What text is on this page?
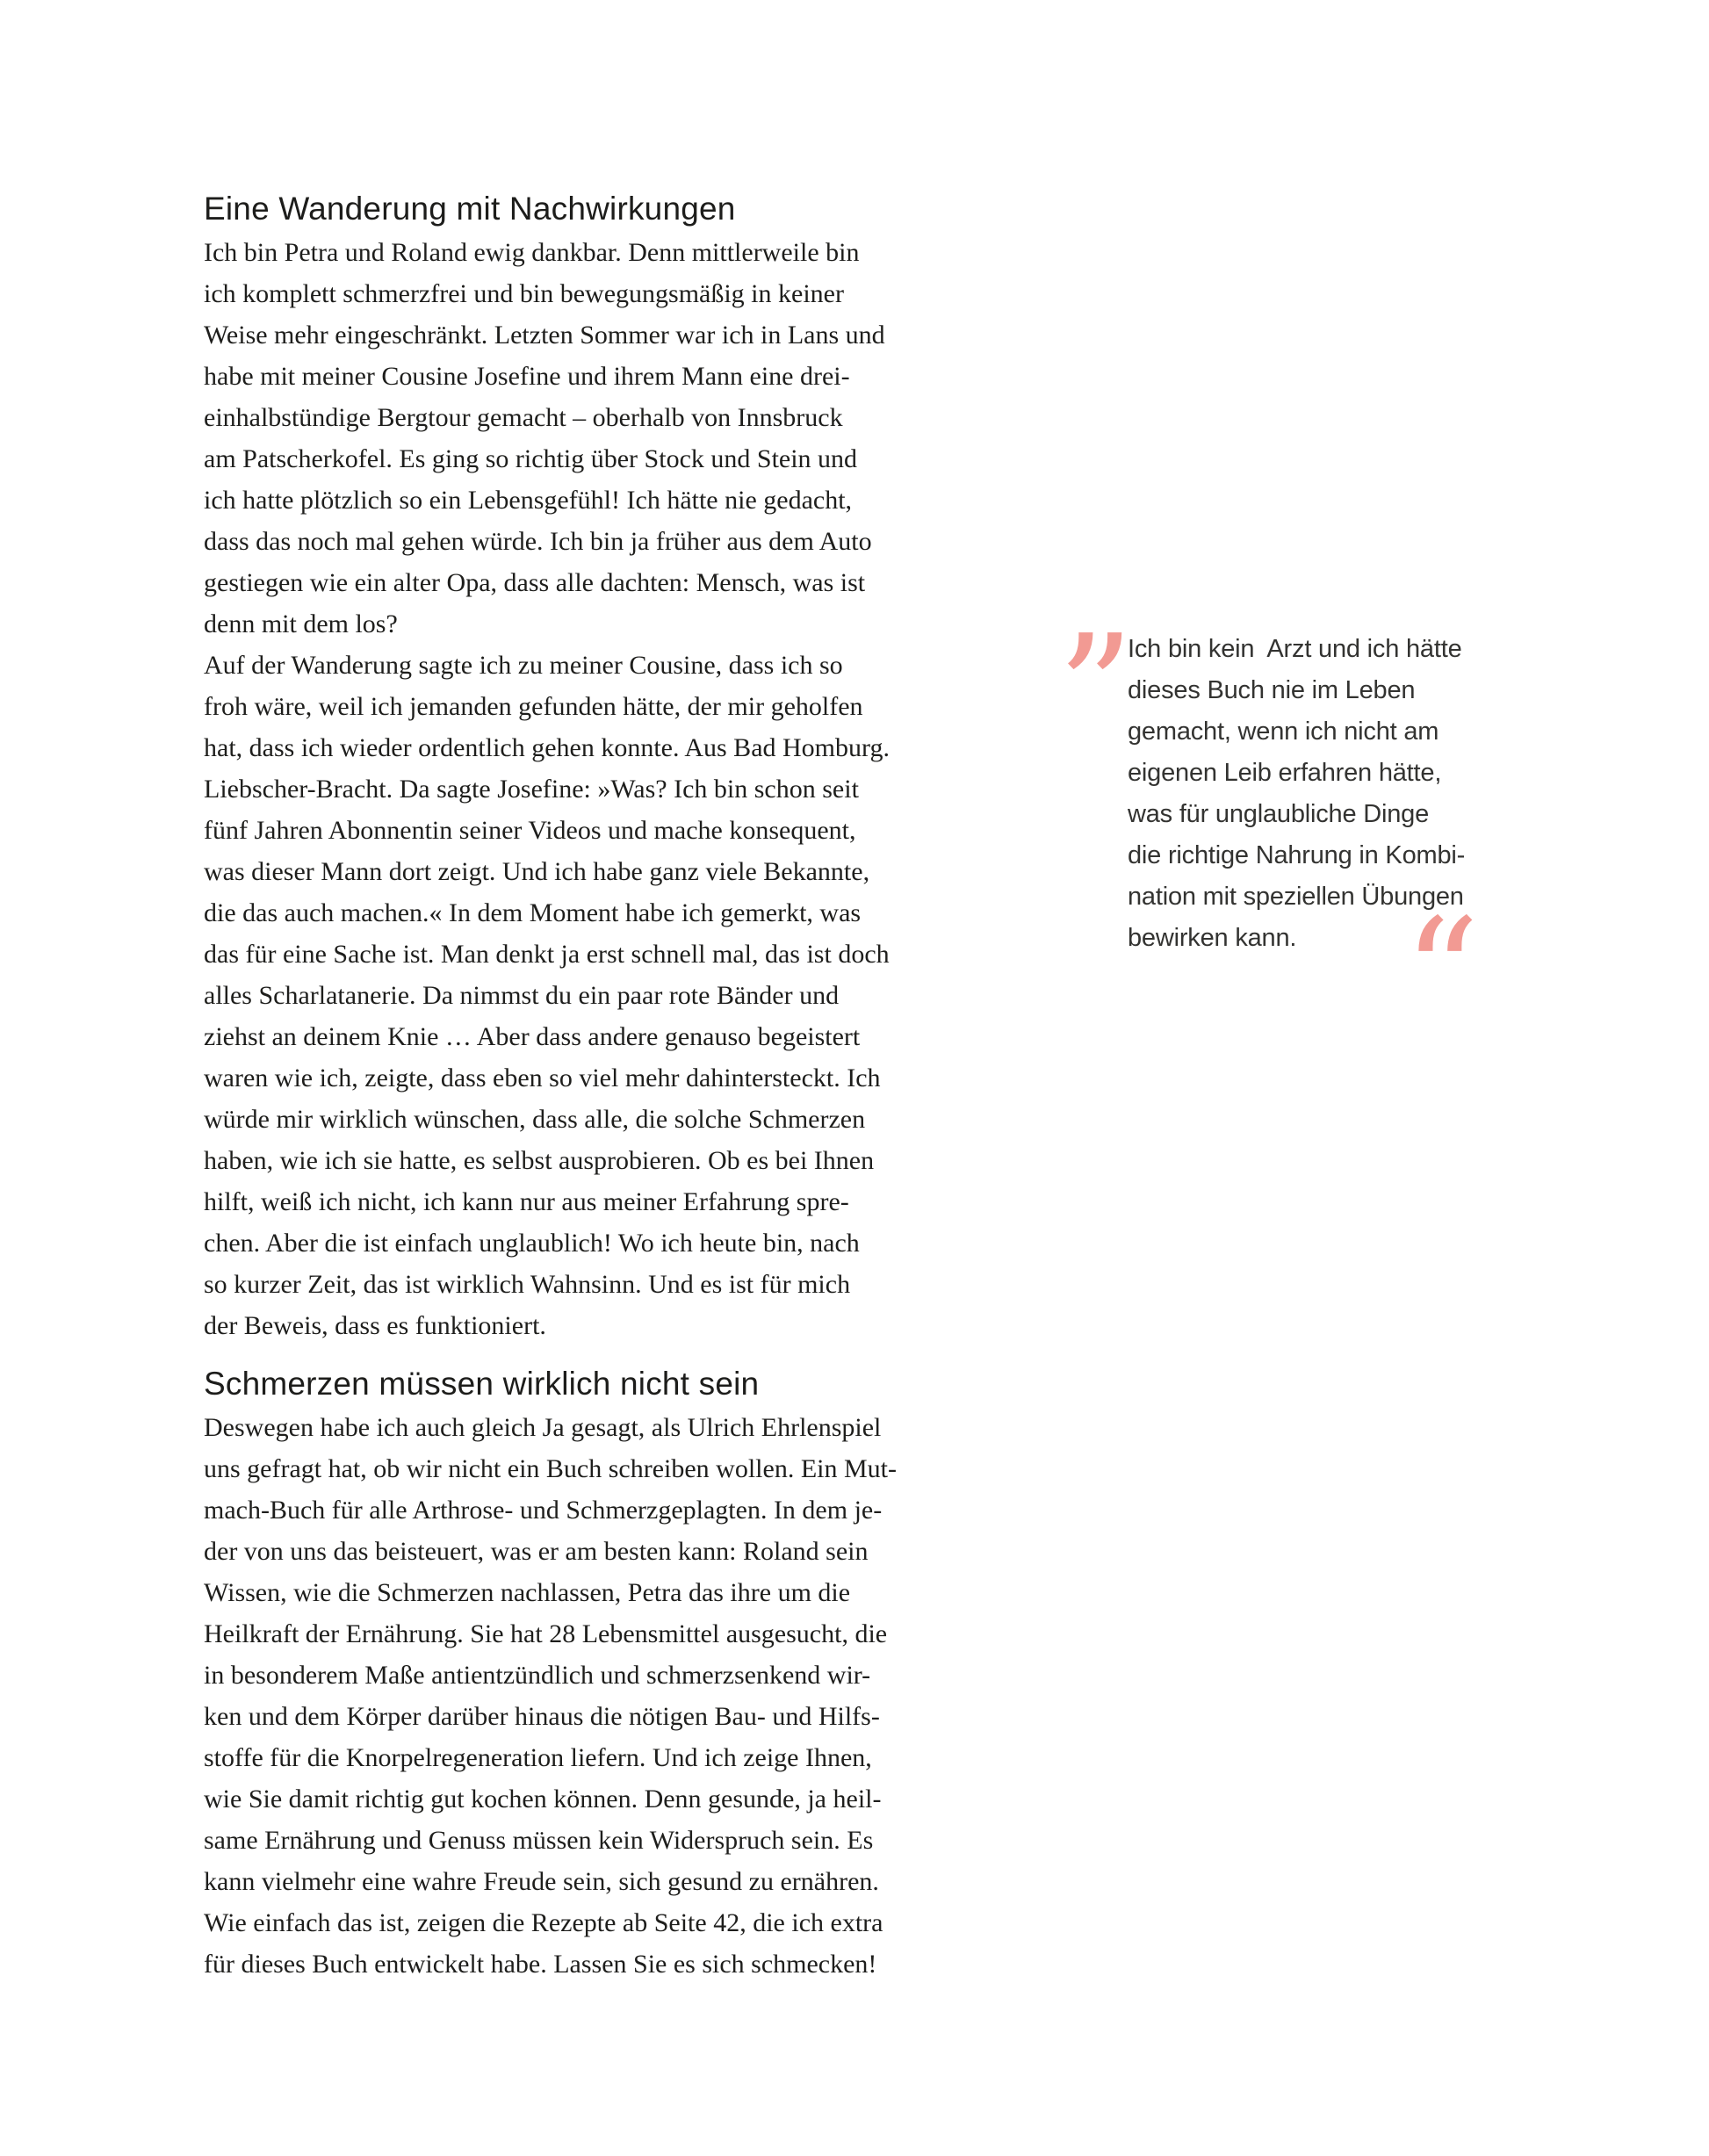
Eine Wanderung mit Nachwirkungen
Ich bin Petra und Roland ewig dankbar. Denn mittlerweile bin
ich komplett schmerzfrei und bin bewegungsmäßig in keiner
Weise mehr eingeschränkt. Letzten Sommer war ich in Lans und
habe mit meiner Cousine Josefine und ihrem Mann eine drei-
einhalbstündige Bergtour gemacht – oberhalb von Innsbruck
am Patscherkofel. Es ging so richtig über Stock und Stein und
ich hatte plötzlich so ein Lebensgefühl! Ich hätte nie gedacht,
dass das noch mal gehen würde. Ich bin ja früher aus dem Auto
gestiegen wie ein alter Opa, dass alle dachten: Mensch, was ist
denn mit dem los?
Auf der Wanderung sagte ich zu meiner Cousine, dass ich so
froh wäre, weil ich jemanden gefunden hätte, der mir geholfen
hat, dass ich wieder ordentlich gehen konnte. Aus Bad Homburg.
Liebscher-Bracht. Da sagte Josefine: »Was? Ich bin schon seit
fünf Jahren Abonnentin seiner Videos und mache konsequent,
was dieser Mann dort zeigt. Und ich habe ganz viele Bekannte,
die das auch machen.« In dem Moment habe ich gemerkt, was
das für eine Sache ist. Man denkt ja erst schnell mal, das ist doch
alles Scharlatanerie. Da nimmst du ein paar rote Bänder und
ziehst an deinem Knie … Aber dass andere genauso begeistert
waren wie ich, zeigte, dass eben so viel mehr dahintersteckt. Ich
würde mir wirklich wünschen, dass alle, die solche Schmerzen
haben, wie ich sie hatte, es selbst ausprobieren. Ob es bei Ihnen
hilft, weiß ich nicht, ich kann nur aus meiner Erfahrung spre-
chen. Aber die ist einfach unglaublich! Wo ich heute bin, nach
so kurzer Zeit, das ist wirklich Wahnsinn. Und es ist für mich
der Beweis, dass es funktioniert.
Schmerzen müssen wirklich nicht sein
Deswegen habe ich auch gleich Ja gesagt, als Ulrich Ehrlenspiel
uns gefragt hat, ob wir nicht ein Buch schreiben wollen. Ein Mut-
mach-Buch für alle Arthrose- und Schmerzgeplagten. In dem je-
der von uns das beisteuert, was er am besten kann: Roland sein
Wissen, wie die Schmerzen nachlassen, Petra das ihre um die
Heilkraft der Ernährung. Sie hat 28 Lebensmittel ausgesucht, die
in besonderem Maße antientzündlich und schmerzsenkend wir-
ken und dem Körper darüber hinaus die nötigen Bau- und Hilfs-
stoffe für die Knorpelregeneration liefern. Und ich zeige Ihnen,
wie Sie damit richtig gut kochen können. Denn gesunde, ja heil-
same Ernährung und Genuss müssen kein Widerspruch sein. Es
kann vielmehr eine wahre Freude sein, sich gesund zu ernähren.
Wie einfach das ist, zeigen die Rezepte ab Seite 42, die ich extra
für dieses Buch entwickelt habe. Lassen Sie es sich schmecken!
” Ich bin kein  Arzt und ich hätte
dieses Buch nie im Leben
gemacht, wenn ich nicht am
eigenen Leib erfahren hätte,
was für unglaubliche Dinge
die richtige Nahrung in Kombi-
nation mit speziellen Übungen
bewirken kann. “
